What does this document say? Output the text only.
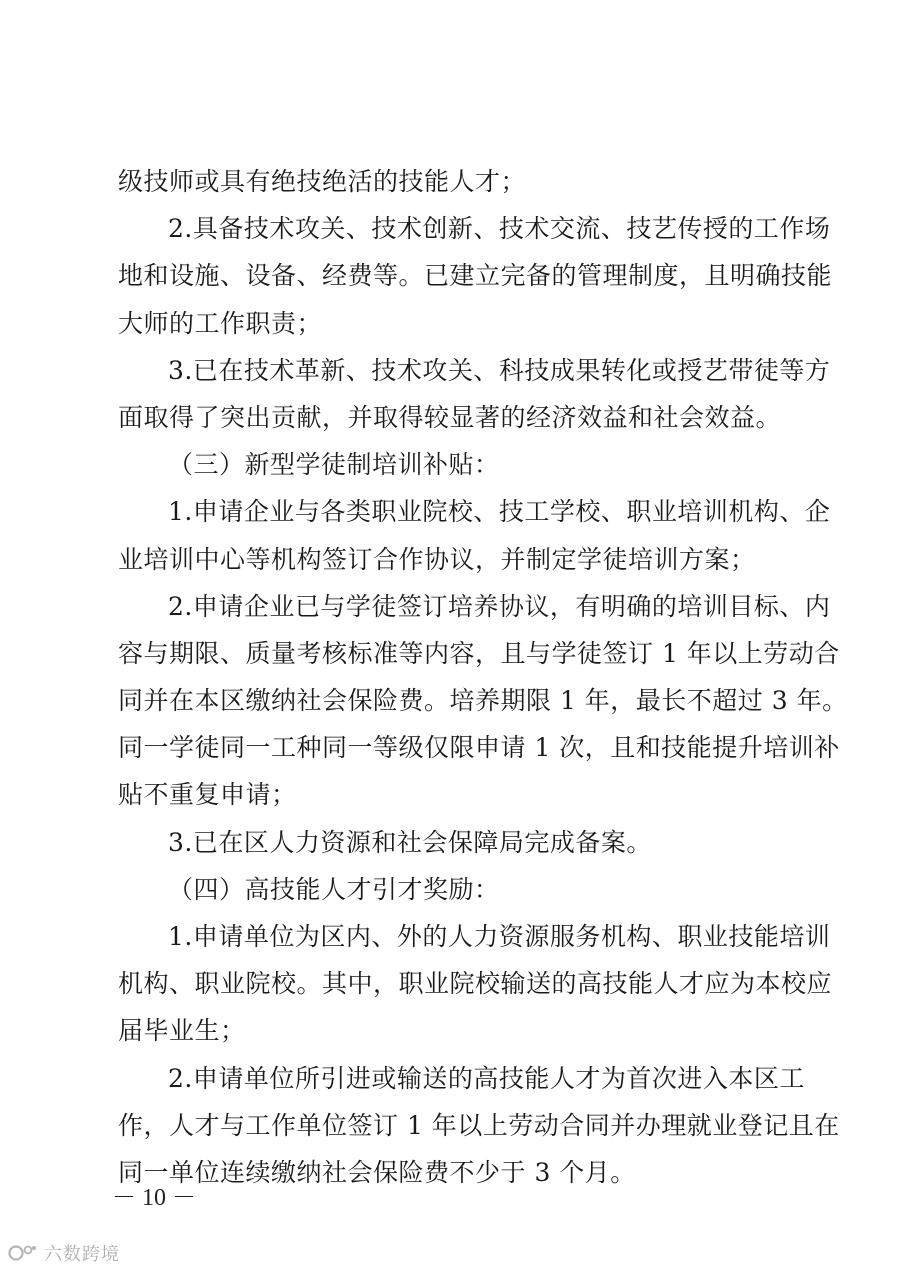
级技师或具有绝技绝活的技能人才；
2.具备技术攻关、技术创新、技术交流、技艺传授的工作场
地和设施、设备、经费等。已建立完备的管理制度，且明确技能
大师的工作职责；
3.已在技术革新、技术攻关、科技成果转化或授艺带徒等方
面取得了突出贡献，并取得较显著的经济效益和社会效益。
（三）新型学徒制培训补贴：
1.申请企业与各类职业院校、技工学校、职业培训机构、企
业培训中心等机构签订合作协议，并制定学徒培训方案；
2.申请企业已与学徒签订培养协议，有明确的培训目标、内
容与期限、质量考核标准等内容，且与学徒签订 1 年以上劳动合
同并在本区缴纳社会保险费。培养期限 1 年，最长不超过 3 年。
同一学徒同一工种同一等级仅限申请 1 次，且和技能提升培训补
贴不重复申请；
3.已在区人力资源和社会保障局完成备案。
（四）高技能人才引才奖励：
1.申请单位为区内、外的人力资源服务机构、职业技能培训
机构、职业院校。其中，职业院校输送的高技能人才应为本校应
届毕业生；
2.申请单位所引进或输送的高技能人才为首次进入本区工
作，人才与工作单位签订 1 年以上劳动合同并办理就业登记且在
同一单位连续缴纳社会保险费不少于 3 个月。
－ 10 －
六数跨境
